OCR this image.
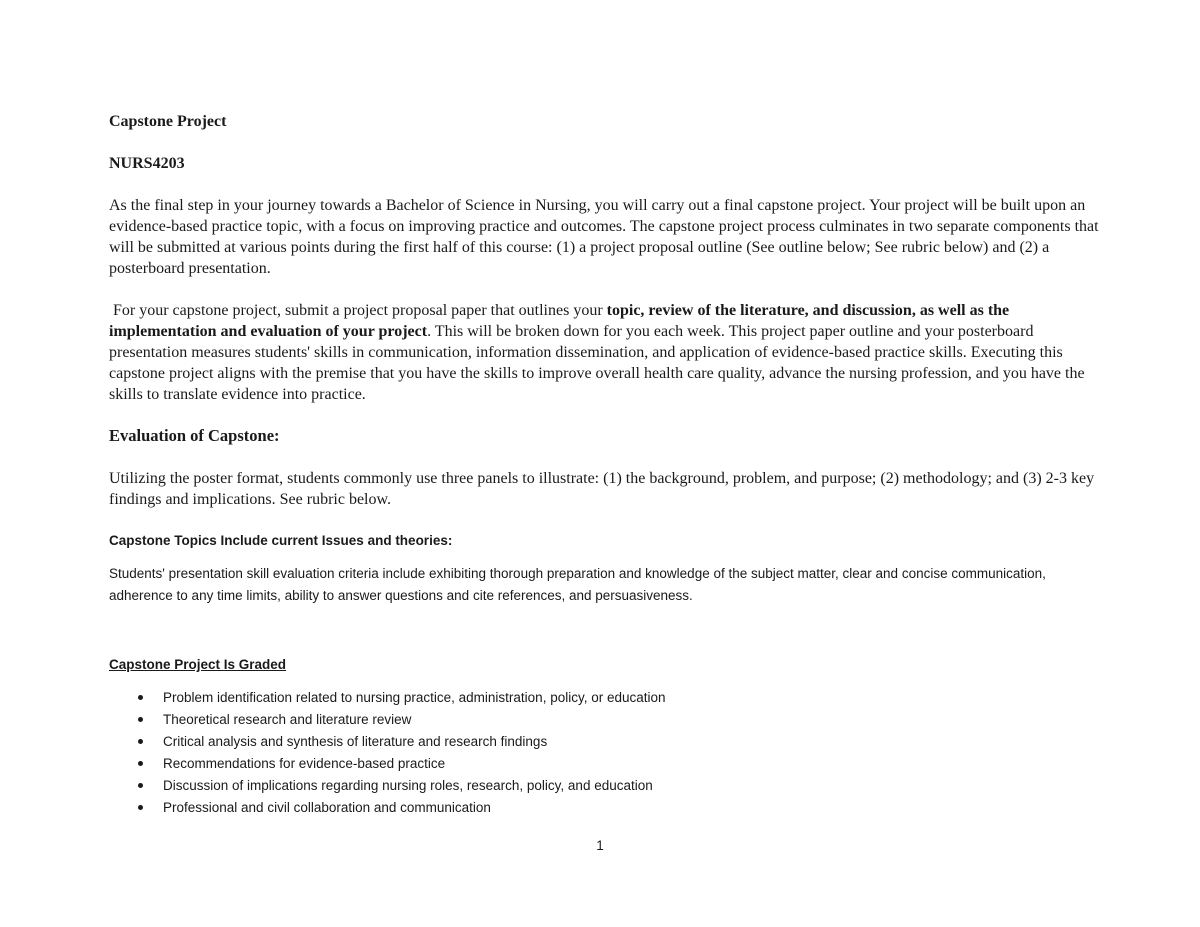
Capstone Project

NURS4203

As the final step in your journey towards a Bachelor of Science in Nursing, you will carry out a final capstone project. Your project will be built upon an evidence-based practice topic, with a focus on improving practice and outcomes. The capstone project process culminates in two separate components that will be submitted at various points during the first half of this course: (1) a project proposal outline (See outline below; See rubric below) and (2) a posterboard presentation.

For your capstone project, submit a project proposal paper that outlines your topic, review of the literature, and discussion, as well as the implementation and evaluation of your project. This will be broken down for you each week. This project paper outline and your posterboard presentation measures students' skills in communication, information dissemination, and application of evidence-based practice skills. Executing this capstone project aligns with the premise that you have the skills to improve overall health care quality, advance the nursing profession, and you have the skills to translate evidence into practice.

Evaluation of Capstone:

Utilizing the poster format, students commonly use three panels to illustrate: (1) the background, problem, and purpose; (2) methodology; and (3) 2-3 key findings and implications. See rubric below.

Capstone Topics Include current Issues and theories:

Students' presentation skill evaluation criteria include exhibiting thorough preparation and knowledge of the subject matter, clear and concise communication, adherence to any time limits, ability to answer questions and cite references, and persuasiveness.

Capstone Project Is Graded

Problem identification related to nursing practice, administration, policy, or education
Theoretical research and literature review
Critical analysis and synthesis of literature and research findings
Recommendations for evidence-based practice
Discussion of implications regarding nursing roles, research, policy, and education
Professional and civil collaboration and communication
1
